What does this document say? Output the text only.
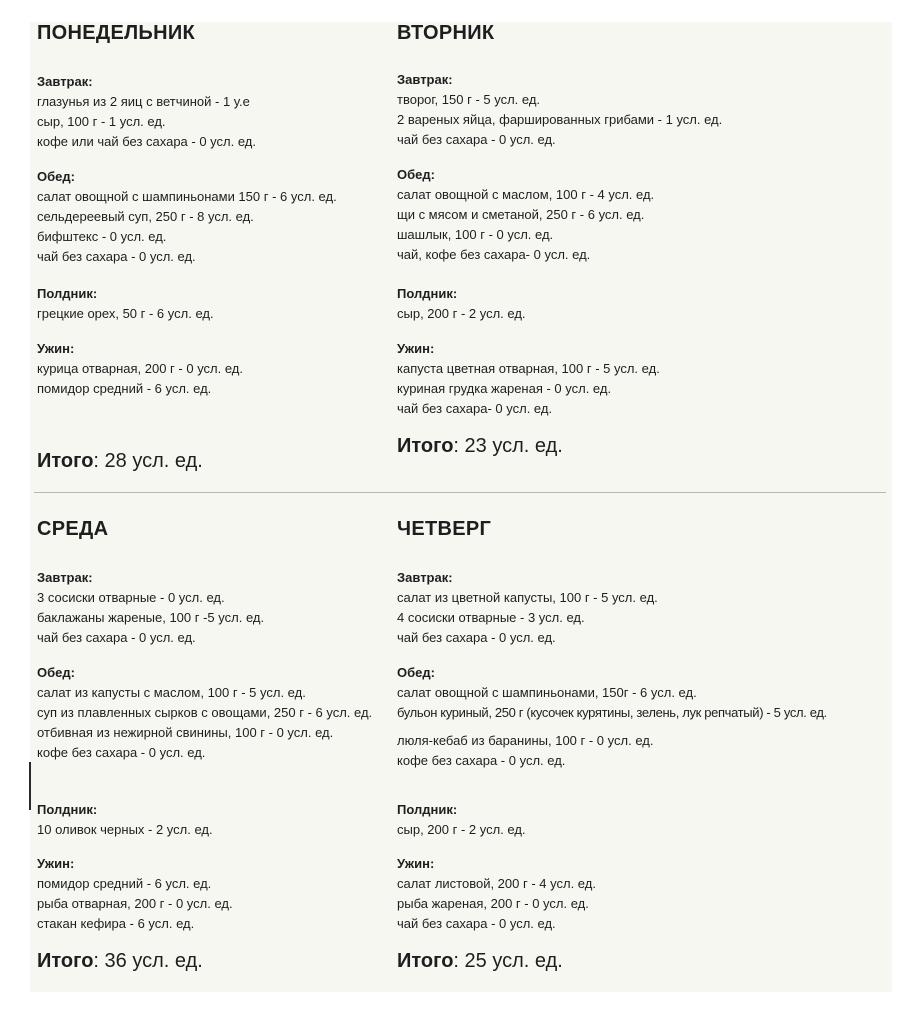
ПОНЕДЕЛЬНИК
Завтрак:
глазунья из 2 яиц с ветчиной - 1 у.е
сыр, 100 г - 1 усл. ед.
кофе или чай без сахара - 0 усл. ед.
Обед:
салат овощной с шампиньонами 150 г - 6 усл. ед.
сельдереевый суп, 250 г - 8 усл. ед.
бифштекс - 0 усл. ед.
чай без сахара - 0 усл. ед.
Полдник:
грецкие орех, 50 г - 6 усл. ед.
Ужин:
курица отварная, 200 г - 0 усл. ед.
помидор средний - 6 усл. ед.
Итого: 28 усл. ед.
ВТОРНИК
Завтрак:
творог, 150 г - 5 усл. ед.
2 вареных яйца, фаршированных грибами - 1 усл. ед.
чай без сахара - 0 усл. ед.
Обед:
салат овощной с маслом, 100 г - 4 усл. ед.
щи с мясом и сметаной, 250 г - 6 усл. ед.
шашлык, 100 г - 0 усл. ед.
чай, кофе без сахара- 0 усл. ед.
Полдник:
сыр, 200 г - 2 усл. ед.
Ужин:
капуста цветная отварная, 100 г - 5 усл. ед.
куриная грудка жареная - 0 усл. ед.
чай без сахара- 0 усл. ед.
Итого: 23 усл. ед.
СРЕДА
Завтрак:
3 сосиски отварные - 0 усл. ед.
баклажаны жареные, 100 г -5 усл. ед.
чай без сахара - 0 усл. ед.
Обед:
салат из капусты с маслом, 100 г - 5 усл. ед.
суп из плавленных сырков с овощами, 250 г - 6 усл. ед.
отбивная из нежирной свинины, 100 г - 0 усл. ед.
кофе без сахара - 0 усл. ед.
Полдник:
10 оливок черных - 2 усл. ед.
Ужин:
помидор средний - 6 усл. ед.
рыба отварная, 200 г - 0 усл. ед.
стакан кефира - 6 усл. ед.
Итого: 36 усл. ед.
ЧЕТВЕРГ
Завтрак:
салат из цветной капусты, 100 г - 5 усл. ед.
4 сосиски отварные - 3 усл. ед.
чай без сахара - 0 усл. ед.
Обед:
салат овощной с шампиньонами, 150г - 6 усл. ед.
бульон куриный, 250 г (кусочек курятины, зелень, лук репчатый) - 5 усл. ед.
люля-кебаб из баранины, 100 г - 0 усл. ед.
кофе без сахара - 0 усл. ед.
Полдник:
сыр, 200 г - 2 усл. ед.
Ужин:
салат листовой, 200 г - 4 усл. ед.
рыба жареная, 200 г - 0 усл. ед.
чай без сахара - 0 усл. ед.
Итого: 25 усл. ед.
